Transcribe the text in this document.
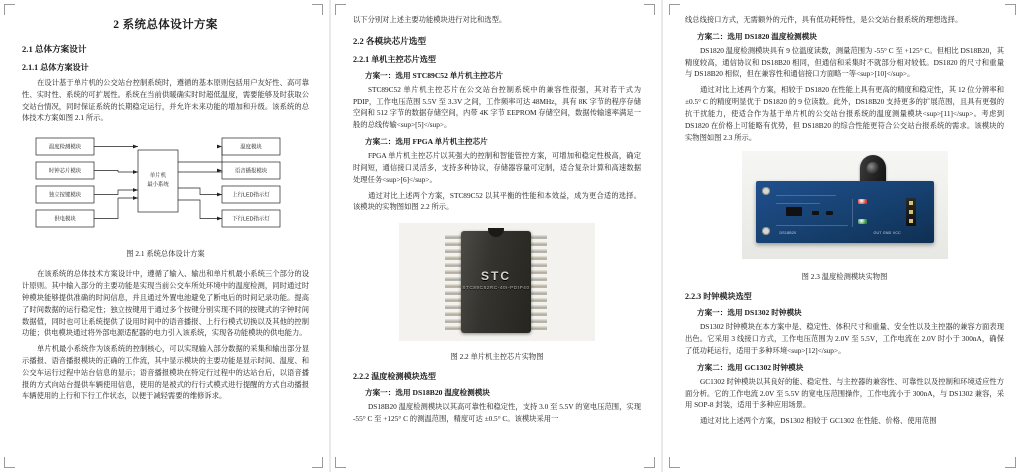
2 系统总体设计方案
2.1 总体方案设计
2.1.1 总体方案设计

在设计基于单片机的公交站台控制系统时，遵循的基本原则包括用户友好性、高可靠性、实时性、系统的可扩展性。系统在当前供暖确实时时超低温度，需要能够及时获取公交站台情况，同时保证系统的长期稳定运行，并允许未来功能的增加和升级。该系统的总体技术方案如图 2.1 所示。

温度检测模块
时钟芯片模块
独立按键模块
供电模块
温度模块
语音播报模块
上行LED指示灯
下行LED指示灯
单片机
最小系统
图 2.1 系统总体设计方案

在该系统的总体技术方案设计中，遵循了输入、输出和单片机最小系统三个部分的设计原则。其中输入部分的主要功能是实现当前公交车所处环境中的温度检测，同时通过时钟模块能够提供准确的时间信息，并且通过外置电池避免了断电后的时间记录功能。提高了时间数据的运行稳定性；独立按键用于通过多个按键分别实现不同的按键式的字钟时间数据值，同时也可让系统提供了设用时间中的语音播报、上行行模式切换以及其他的控制功能；供电模块通过将外部电源适配器的电力引入该系统，实现各功能模块的供电能力。

单片机最小系统作为该系统的控制核心，可以实现输入部分数据的采集和输出部分显示播报、语音播报模块的正确的工作流，其中显示模块的主要功能是显示时间、温度、和公交车运行过程中站台信息的显示；语音播报模块在特定行过程中的达站台后，以语音播报的方式向站台提供车辆使用信息，使用的是被式的行行式模式进行提醒的方式自动播报车辆使用的上行和下行工作状态，以便于减轻需要的维修诉求。

以下分别对上述主要功能模块进行对比和选型。

2.2 各模块芯片选型
2.2.1 单机主控芯片选型
方案一：选用 STC89C52 单片机主控芯片

STC89C52 单片机主控芯片在公交站台控制系统中的兼容性很强，其对若干式为 PDIP，工作电压范围 5.5V 至 3.3V 之间，工作频率可达 48MHz，具有 8K 字节的程序存储空间和 512 字节的数据存储空间，内带 4K 字节 EEPROM 存储空间，数据传输速率满足一般的总线传输<sup>[5]</sup>。

方案二：选用 FPGA 单片机主控芯片

FPGA 单片机主控芯片以其强大的控制和智能管控方案，可增加和稳定性极高，确定时间短，通信接口灵活多，支持多种协议，存储器容量可定制，适合复杂计算和高速数据处理任务<sup>[6]</sup>。

通过对比上述两个方案，STC89C52 以其平衡的性能和本效益，成为更合适的选择。该模块的实物图如图 2.2 所示。

STC
STC89C52RC-40I-PDIP40
图 2.2 单片机主控芯片实物图
2.2.2 温度检测模块选型
方案一：选用 DS18B20 温度检测模块

DS18B20 温度检测模块以其高可靠性和稳定性，支持 3.0 至 5.5V 的宽电压范围，实现 -55° C 至 +125° C 的测温范围，精度可达 ±0.5° C。该模块采用一

线总线接口方式，无需额外的元件，具有低功耗特性，是公交站台报系统的理想选择。

方案二：选用 DS1820 温度检测模块

DS1820 温度检测模块具有 9 位温度读数，测量范围为 -55° C 至 +125° C。但相比 DS18B20，其精度较高，通信协议和 DS18B20 相同，但通信和采集时不就部分相对较低。DS1820 的尺寸和重量与 DS18B20 相似，但在兼容性和通信接口方面略一等<sup>[10]</sup>。

通过对比上述两个方案，相较于 DS1820 在性能上具有更高的精度和稳定性，其 12 位分辨率和 ±0.5° C 的精度明显优于 DS1820 的 9 位读数。此外，DS18B20 支持更多的扩展范围，且具有更强的抗干扰能力，使适合作为基于单片机的公交站台报系统的温度测量模块<sup>[11]</sup>。考虑到 DS1820 在价格上可能略有优势，但 DS18B20 的综合性能更符合公交站台报系统的需求。该模块的实物图如图 2.3 所示。

DS18B20	OUT GND VCC
图 2.3 温度检测模块实物图
2.2.3 时钟模块选型
方案一：选用 DS1302 时钟模块

DS1302 时钟模块在本方案中是、稳定性、体积尺寸和重量、安全性以及主控器的兼容方面表现出色。它采用 3 线接口方式，工作电压范围为 2.0V 至 5.5V，工作电流在 2.0V 时小于 300nA，确保了低功耗运行，适用于多种环境<sup>[12]</sup>。

方案二：选用 GC1302 时钟模块

GC1302 时钟模块以其良好的能、稳定性、与主控器的兼容性、可靠性以及控制和环境适应性方面分析。它的工作电流 2.0V 至 5.5V 的宽电压范围操作，工作电流小于 300nA，与 DS1302 兼容，采用 SOP-8 封装，适用于多种应用场景。

通过对比上述两个方案，DS1302 相较于 GC1302 在性能、价格、使用范围
